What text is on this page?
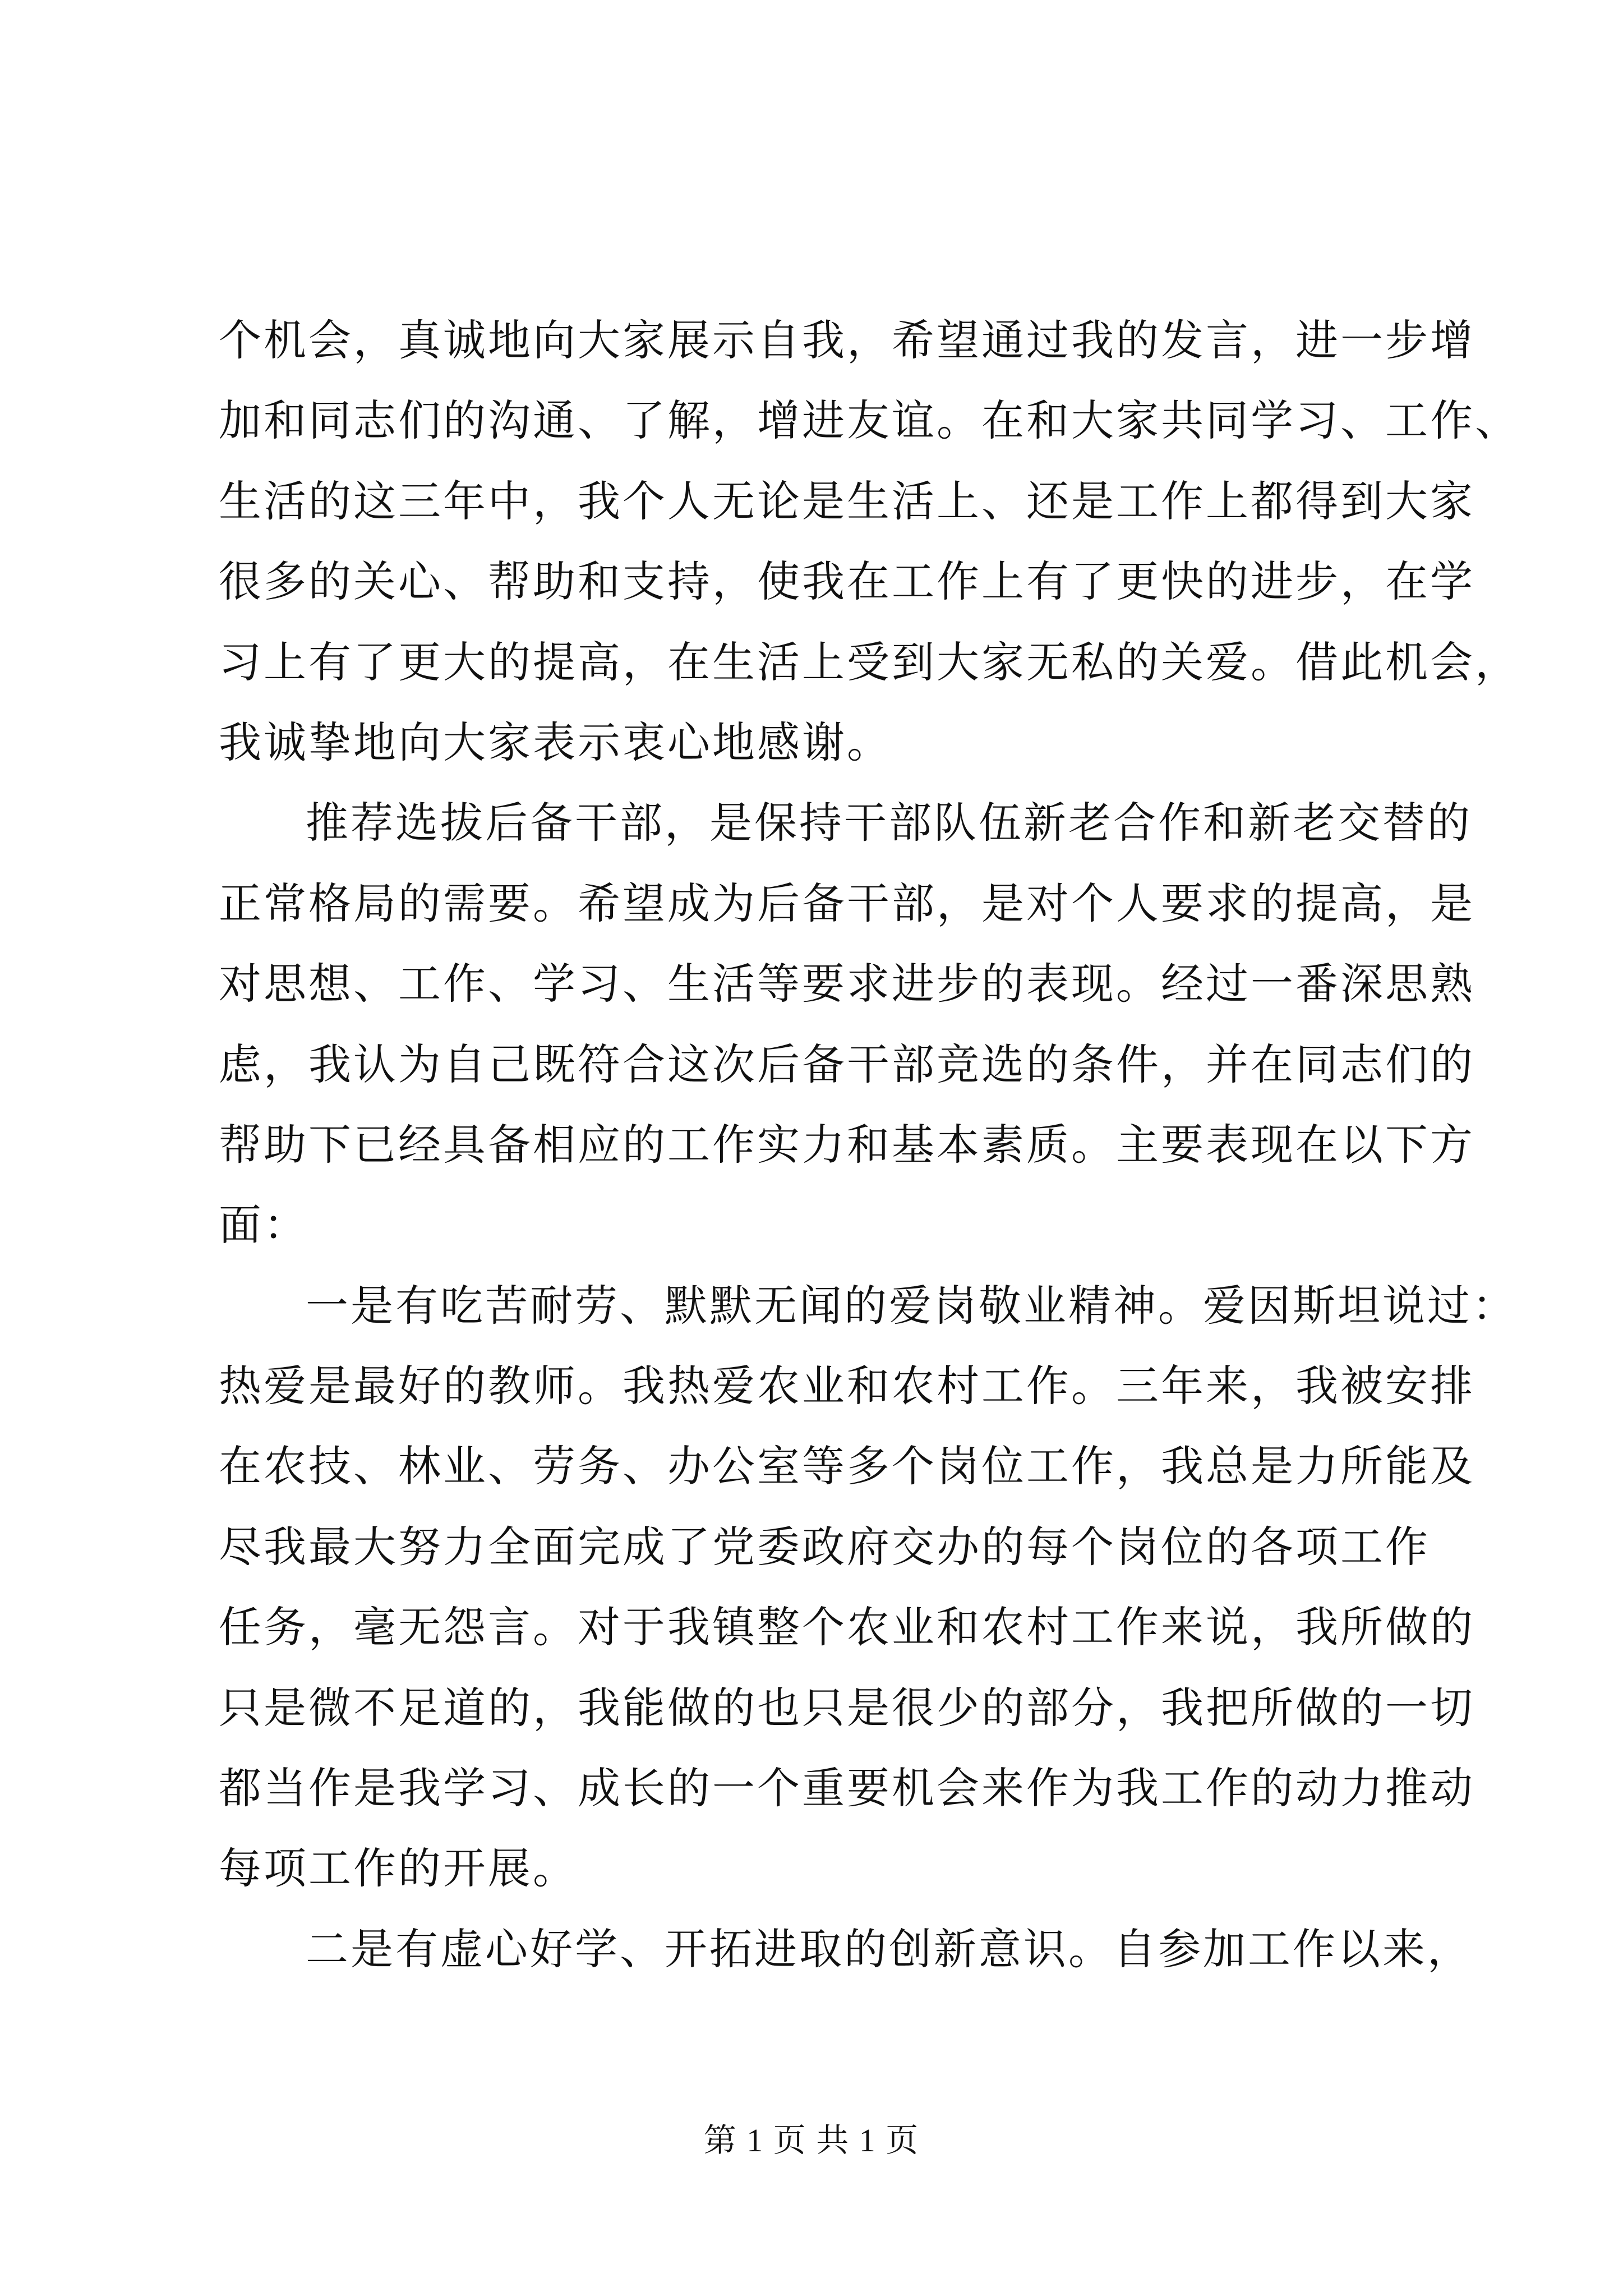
个机会，真诚地向大家展示自我，希望通过我的发言，进一步增
加和同志们的沟通、了解，增进友谊。在和大家共同学习、工作、
生活的这三年中，我个人无论是生活上、还是工作上都得到大家
很多的关心、帮助和支持，使我在工作上有了更快的进步，在学
习上有了更大的提高，在生活上受到大家无私的关爱。借此机会，
我诚挚地向大家表示衷心地感谢。
推荐选拔后备干部，是保持干部队伍新老合作和新老交替的
正常格局的需要。希望成为后备干部，是对个人要求的提高，是
对思想、工作、学习、生活等要求进步的表现。经过一番深思熟
虑，我认为自己既符合这次后备干部竞选的条件，并在同志们的
帮助下已经具备相应的工作实力和基本素质。主要表现在以下方
面：
一是有吃苦耐劳、默默无闻的爱岗敬业精神。爱因斯坦说过：
热爱是最好的教师。我热爱农业和农村工作。三年来，我被安排
在农技、林业、劳务、办公室等多个岗位工作，我总是力所能及
尽我最大努力全面完成了党委政府交办的每个岗位的各项工作
任务，毫无怨言。对于我镇整个农业和农村工作来说，我所做的
只是微不足道的，我能做的也只是很少的部分，我把所做的一切
都当作是我学习、成长的一个重要机会来作为我工作的动力推动
每项工作的开展。
二是有虚心好学、开拓进取的创新意识。自参加工作以来，
第 1 页 共 1 页
